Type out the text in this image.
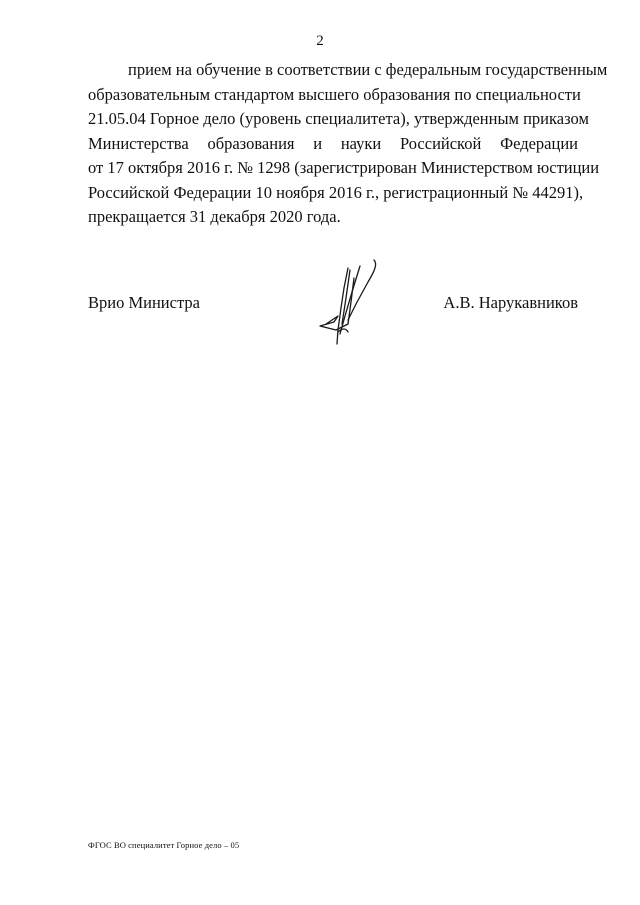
2
прием на обучение в соответствии с федеральным государственным
образовательным стандартом высшего образования по специальности
21.05.04 Горное дело (уровень специалитета), утвержденным приказом
Министерства образования и науки Российской Федерации
от 17 октября 2016 г. № 1298 (зарегистрирован Министерством юстиции
Российской Федерации 10 ноября 2016 г., регистрационный № 44291),
прекращается 31 декабря 2020 года.
Врио Министра	А.В. Нарукавников
ФГОС ВО специалитет Горное дело – 05
